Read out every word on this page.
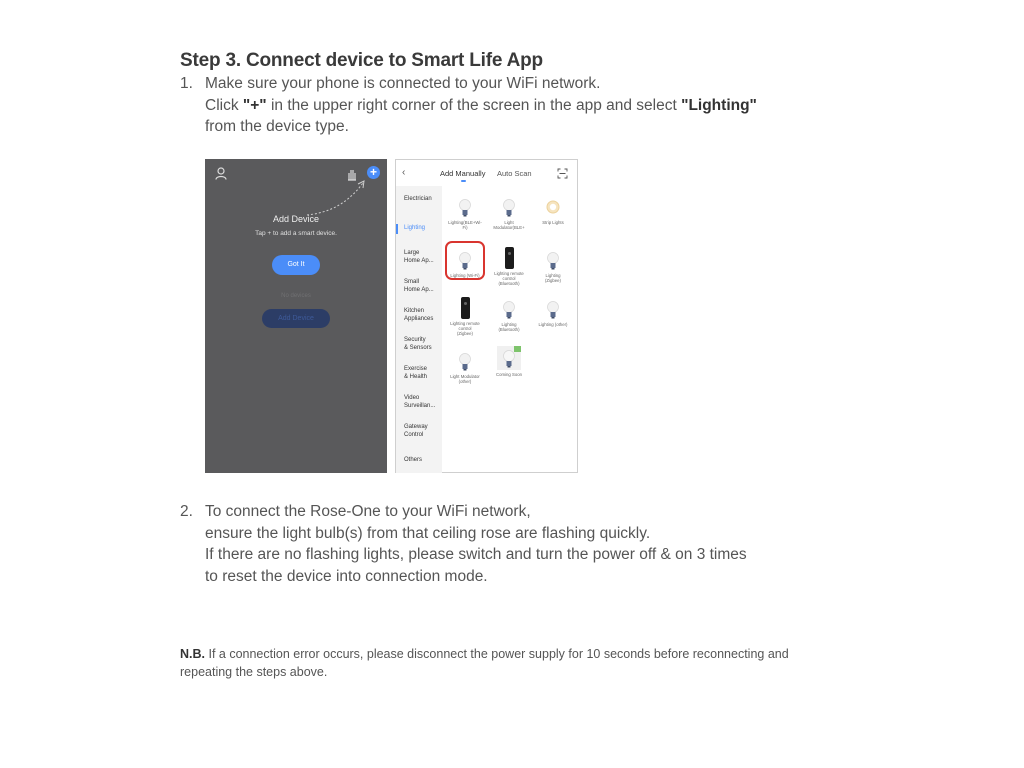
Step 3. Connect device to Smart Life App
1. Make sure your phone is connected to your WiFi network.
Click "+" in the upper right corner of the screen in the app and select "Lighting"
from the device type.
+
Add Device
Tap + to add a smart device.
Got It
No devices
Add Device
‹	Add Manually Auto Scan
Electrician
Lighting
Large
Home Ap...
Small
Home Ap...
Kitchen
Appliances
Security
& Sensors
Exercise
& Health
Video
Surveillan...
Gateway
Control
Others
Lighting(BLE+Wi-
Fi)
Light
Modulator(BLE+
Strip Lights
Lighting (Wi-Fi)	Lighting remote
control
(Bluetooth)
Lighting
(Zigbee)
Lighting remote
control
(Zigbee)
Lighting
(Bluetooth)
Lighting (other)
Light Modulator
(other)
Coming Soon
2. To connect the Rose-One to your WiFi network,
ensure the light bulb(s) from that ceiling rose are flashing quickly.
If there are no flashing lights, please switch and turn the power off & on 3 times
to reset the device into connection mode.
N.B. If a connection error occurs, please disconnect the power supply for 10 seconds before reconnecting and repeating the steps above.
